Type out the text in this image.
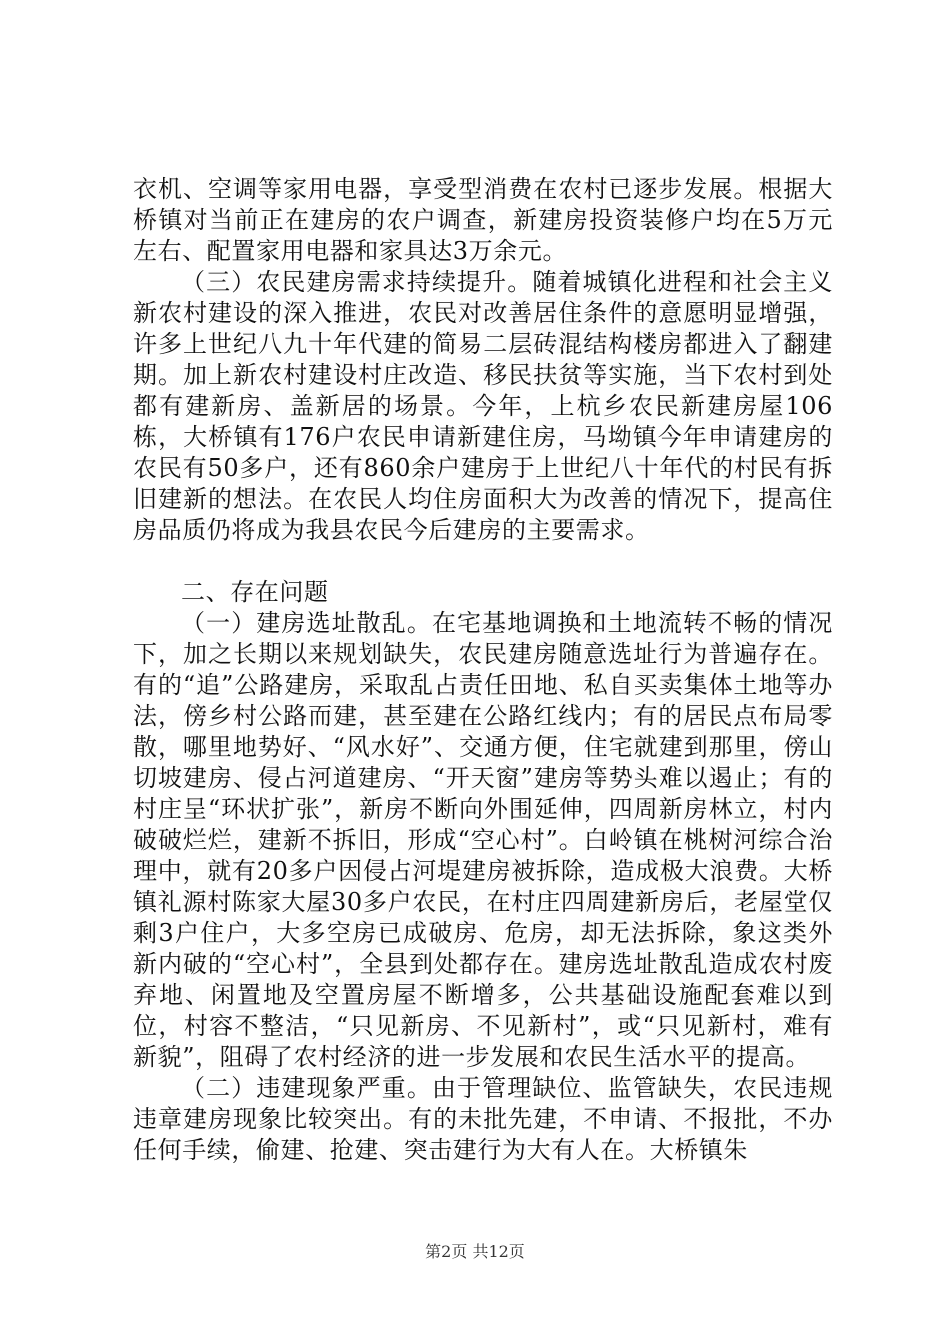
衣机、空调等家用电器，享受型消费在农村已逐步发展。根据大桥镇对当前正在建房的农户调查，新建房投资装修户均在5万元左右、配置家用电器和家具达3万余元。

（三）农民建房需求持续提升。随着城镇化进程和社会主义新农村建设的深入推进，农民对改善居住条件的意愿明显增强，许多上世纪八九十年代建的简易二层砖混结构楼房都进入了翻建期。加上新农村建设村庄改造、移民扶贫等实施，当下农村到处都有建新房、盖新居的场景。今年，上杭乡农民新建房屋106栋，大桥镇有176户农民申请新建住房，马坳镇今年申请建房的农民有50多户，还有860余户建房于上世纪八十年代的村民有拆旧建新的想法。在农民人均住房面积大为改善的情况下，提高住房品质仍将成为我县农民今后建房的主要需求。

二、存在问题

（一）建房选址散乱。在宅基地调换和土地流转不畅的情况下，加之长期以来规划缺失，农民建房随意选址行为普遍存在。有的“追”公路建房，采取乱占责任田地、私自买卖集体土地等办法，傍乡村公路而建，甚至建在公路红线内；有的居民点布局零散，哪里地势好、“风水好”、交通方便，住宅就建到那里，傍山切坡建房、侵占河道建房、“开天窗”建房等势头难以遏止；有的村庄呈“环状扩张”，新房不断向外围延伸，四周新房林立，村内破破烂烂，建新不拆旧，形成“空心村”。白岭镇在桃树河综合治理中，就有20多户因侵占河堤建房被拆除，造成极大浪费。大桥镇礼源村陈家大屋30多户农民，在村庄四周建新房后，老屋堂仅剩3户住户，大多空房已成破房、危房，却无法拆除，象这类外新内破的“空心村”，全县到处都存在。建房选址散乱造成农村废弃地、闲置地及空置房屋不断增多，公共基础设施配套难以到位，村容不整洁，“只见新房、不见新村”，或“只见新村，难有新貌”，阻碍了农村经济的进一步发展和农民生活水平的提高。

（二）违建现象严重。由于管理缺位、监管缺失，农民违规违章建房现象比较突出。有的未批先建，不申请、不报批，不办任何手续，偷建、抢建、突击建行为大有人在。大桥镇朱

第2页 共12页
